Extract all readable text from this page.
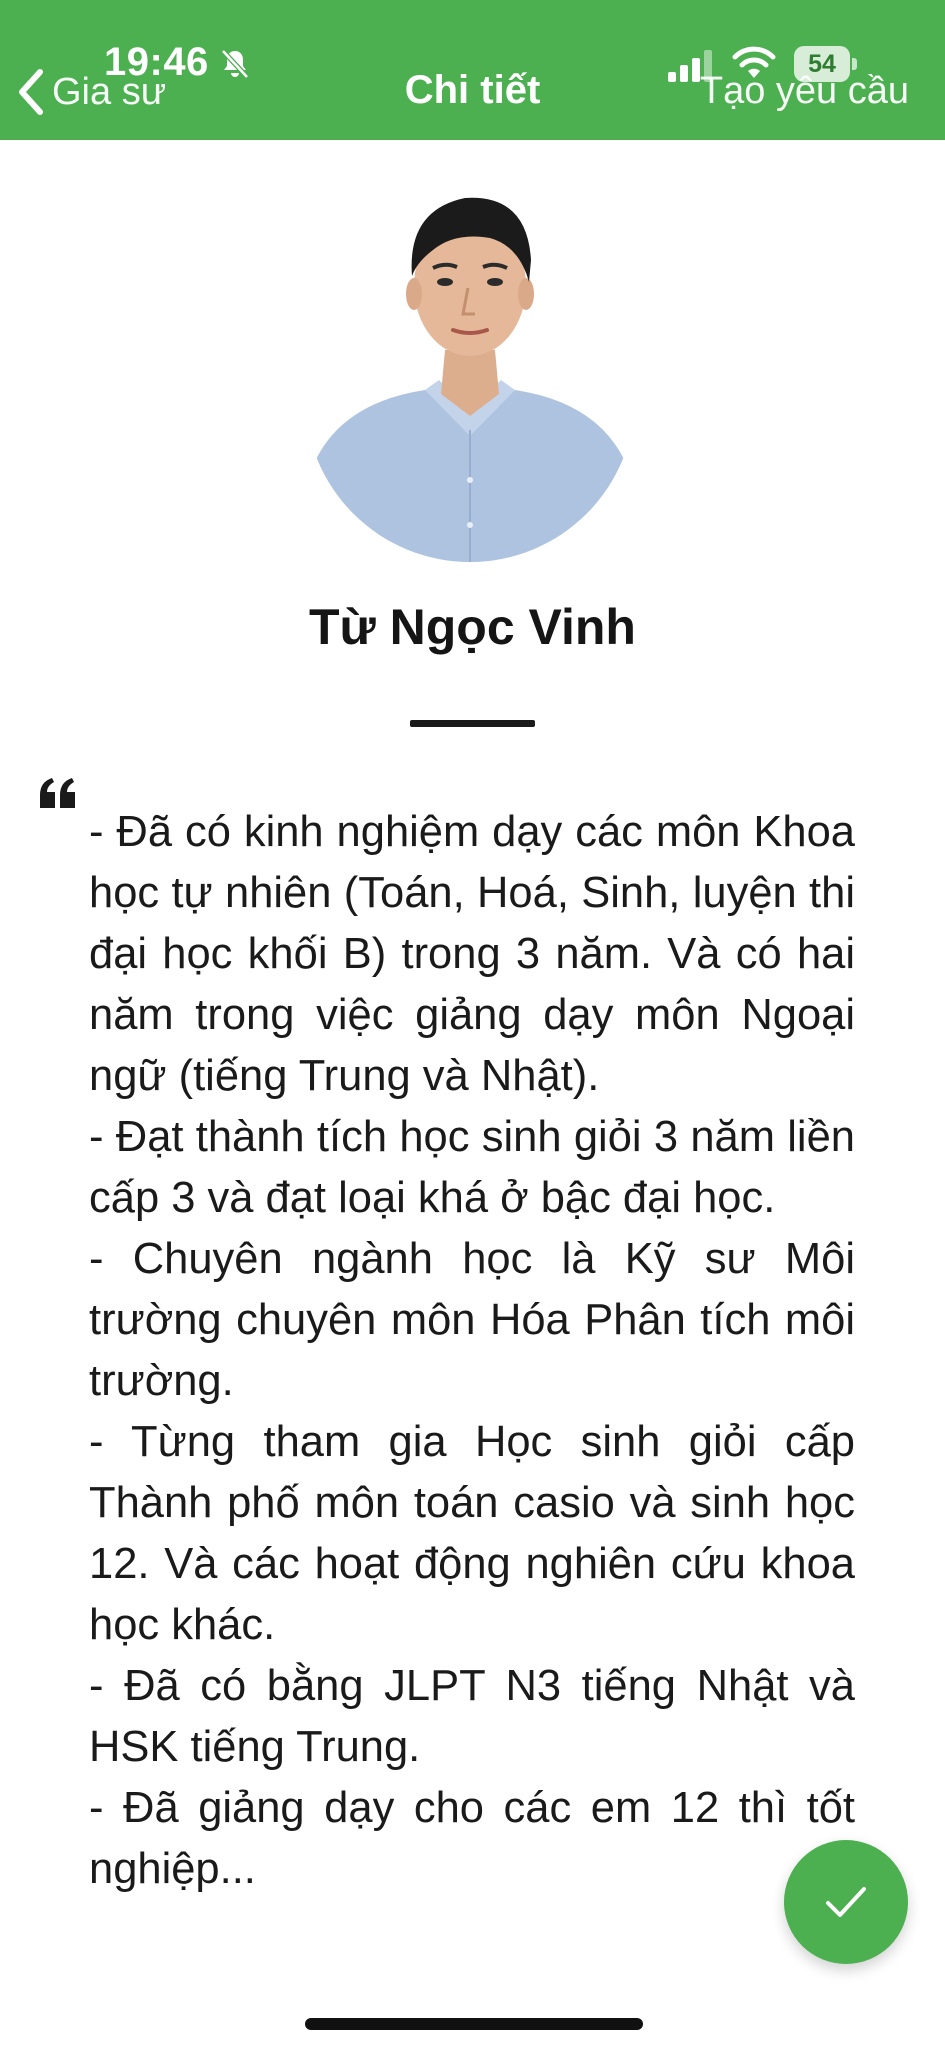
19:46	54
Gia sư	Chi tiết	Tạo yêu cầu
Từ Ngọc Vinh

- Đã có kinh nghiệm dạy các môn Khoa học tự nhiên (Toán, Hoá, Sinh, luyện thi đại học khối B) trong 3 năm. Và có hai năm trong việc giảng dạy môn Ngoại ngữ (tiếng Trung và Nhật).

- Đạt thành tích học sinh giỏi 3 năm liền cấp 3 và đạt loại khá ở bậc đại học.

- Chuyên ngành học là Kỹ sư Môi trường chuyên môn Hóa Phân tích môi trường.

- Từng tham gia Học sinh giỏi cấp Thành phố môn toán casio và sinh học 12. Và các hoạt động nghiên cứu khoa học khác.

- Đã có bằng JLPT N3 tiếng Nhật và HSK tiếng Trung.

- Đã giảng dạy cho các em 12 thì tốt nghiệp...
